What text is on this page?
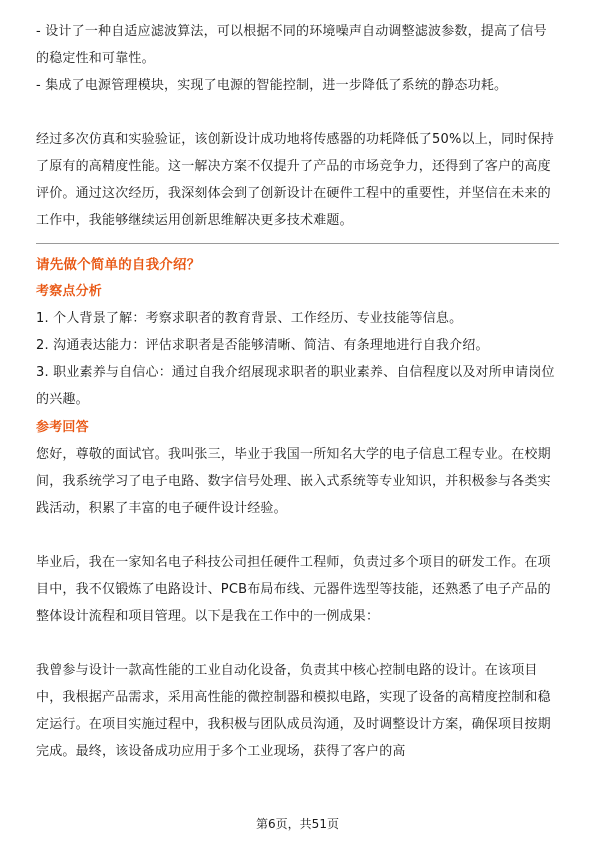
- 设计了一种自适应滤波算法，可以根据不同的环境噪声自动调整滤波参数，提高了信号的稳定性和可靠性。

- 集成了电源管理模块，实现了电源的智能控制，进一步降低了系统的静态功耗。

经过多次仿真和实验验证，该创新设计成功地将传感器的功耗降低了50%以上，同时保持了原有的高精度性能。这一解决方案不仅提升了产品的市场竞争力，还得到了客户的高度评价。通过这次经历，我深刻体会到了创新设计在硬件工程中的重要性，并坚信在未来的工作中，我能够继续运用创新思维解决更多技术难题。

请先做个简单的自我介绍？

考察点分析

1. 个人背景了解：考察求职者的教育背景、工作经历、专业技能等信息。

2. 沟通表达能力：评估求职者是否能够清晰、简洁、有条理地进行自我介绍。

3. 职业素养与自信心：通过自我介绍展现求职者的职业素养、自信程度以及对所申请岗位的兴趣。

参考回答

您好，尊敬的面试官。我叫张三，毕业于我国一所知名大学的电子信息工程专业。在校期间，我系统学习了电子电路、数字信号处理、嵌入式系统等专业知识，并积极参与各类实践活动，积累了丰富的电子硬件设计经验。

毕业后，我在一家知名电子科技公司担任硬件工程师，负责过多个项目的研发工作。在项目中，我不仅锻炼了电路设计、PCB布局布线、元器件选型等技能，还熟悉了电子产品的整体设计流程和项目管理。以下是我在工作中的一例成果：

我曾参与设计一款高性能的工业自动化设备，负责其中核心控制电路的设计。在该项目中，我根据产品需求，采用高性能的微控制器和模拟电路，实现了设备的高精度控制和稳定运行。在项目实施过程中，我积极与团队成员沟通，及时调整设计方案，确保项目按期完成。最终，该设备成功应用于多个工业现场，获得了客户的高

第6页，共51页
